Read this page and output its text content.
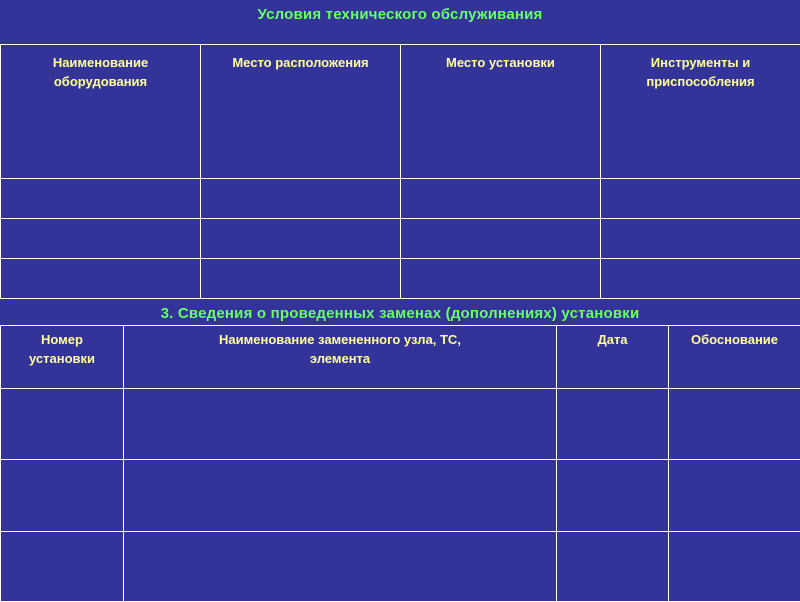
Условия технического обслуживания
Наименование оборудования	Место расположения	Место установки	Инструменты и приспособления

3. Сведения о проведенных заменах (дополнениях) установки
Номер установки	Наименование замененного узла, ТС, элемента	Дата	Обоснование
